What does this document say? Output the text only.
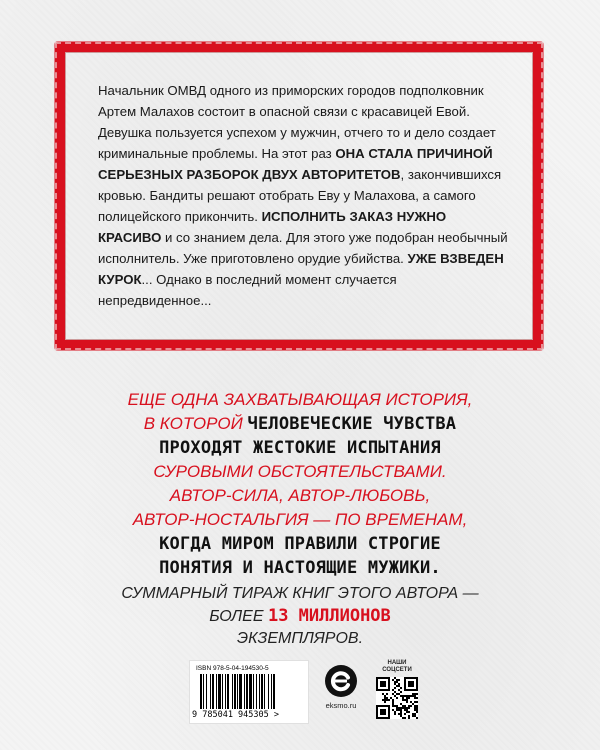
Начальник ОМВД одного из приморских городов подполковник Артем Малахов состоит в опасной связи с красавицей Евой. Девушка пользуется успехом у мужчин, отчего то и дело создает криминальные проблемы. На этот раз ОНА СТАЛА ПРИЧИНОЙ СЕРЬЕЗНЫХ РАЗБОРОК ДВУХ АВТОРИТЕТОВ, закончившихся кровью. Бандиты решают отобрать Еву у Малахова, а самого полицейского прикончить. ИСПОЛНИТЬ ЗАКАЗ НУЖНО КРАСИВО и со знанием дела. Для этого уже подобран необычный исполнитель. Уже приготовлено орудие убийства. УЖЕ ВЗВЕДЕН КУРОК... Однако в последний момент случается непредвиденное...

ЕЩЕ ОДНА ЗАХВАТЫВАЮЩАЯ ИСТОРИЯ,
В КОТОРОЙ ЧЕЛОВЕЧЕСКИЕ ЧУВСТВА
ПРОХОДЯТ ЖЕСТОКИЕ ИСПЫТАНИЯ
СУРОВЫМИ ОБСТОЯТЕЛЬСТВАМИ.
АВТОР-СИЛА, АВТОР-ЛЮБОВЬ,
АВТОР-НОСТАЛЬГИЯ — ПО ВРЕМЕНАМ,
КОГДА МИРОМ ПРАВИЛИ СТРОГИЕ
ПОНЯТИЯ И НАСТОЯЩИЕ МУЖИКИ.
СУММАРНЫЙ ТИРАЖ КНИГ ЭТОГО АВТОРА —
БОЛЕЕ 13 МИЛЛИОНОВ
ЭКЗЕМПЛЯРОВ.
ISBN 978-5-04-194530-5
9 785041 945305 >
eksmo.ru
НАШИ СОЦСЕТИ
